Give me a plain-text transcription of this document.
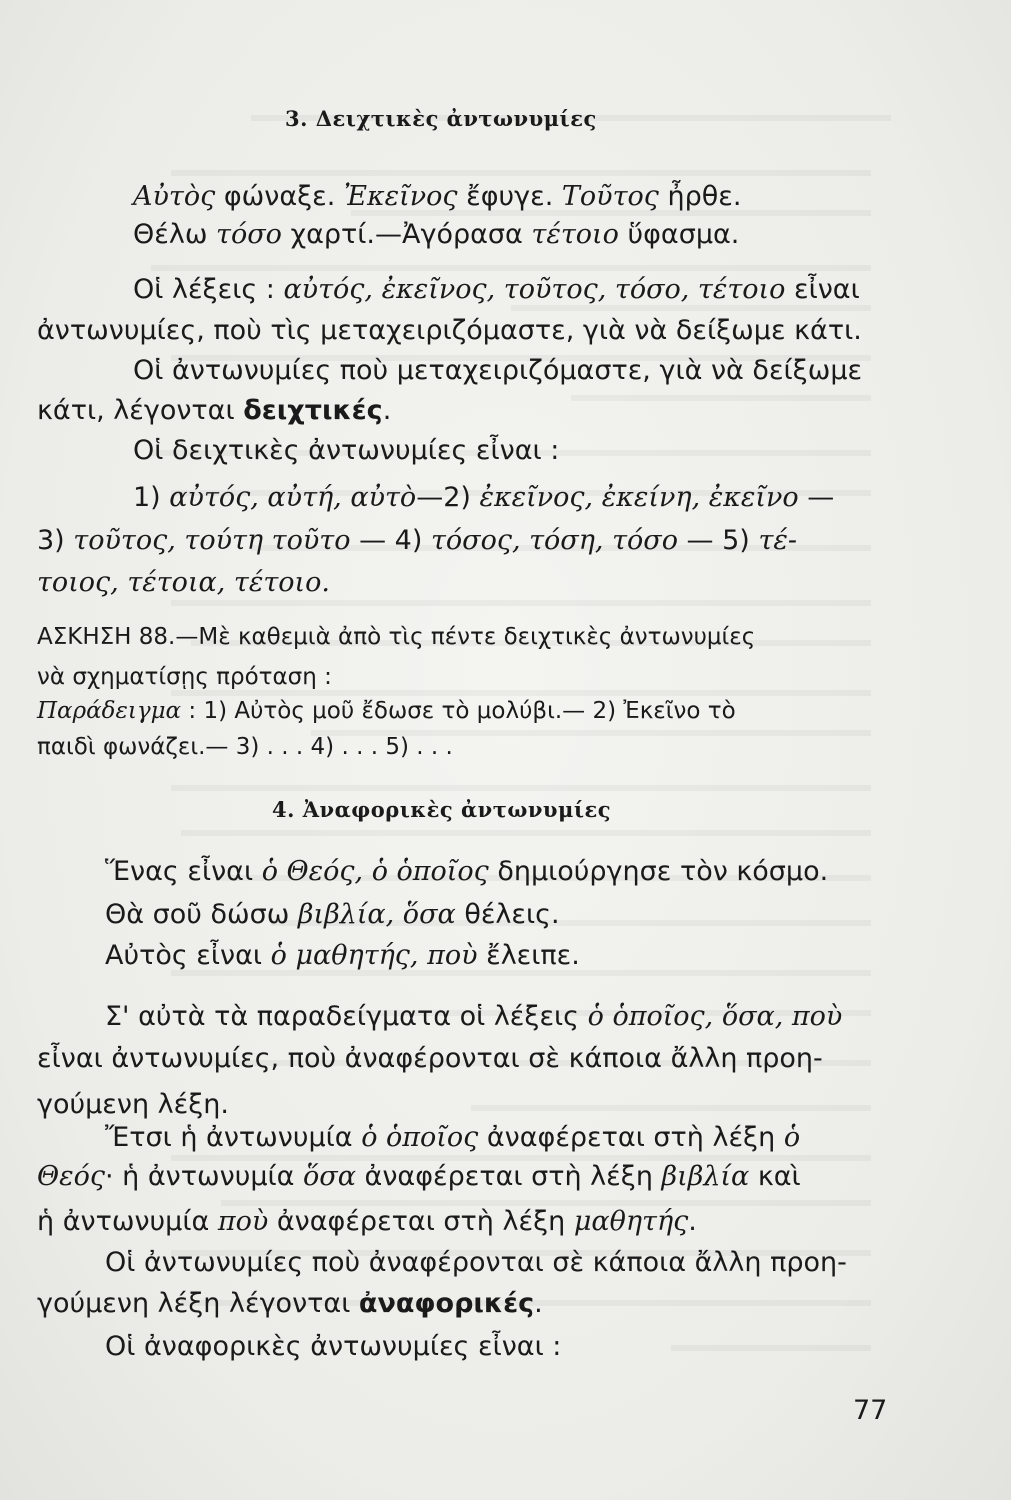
3. Δειχτικὲς ἀντωνυμίες
Αὐτὸς φώναξε. Ἐκεῖνος ἔφυγε. Τοῦτος ἦρθε.
Θέλω τόσο χαρτί.—Ἀγόρασα τέτοιο ὕφασμα.
Οἱ λέξεις : αὐτός, ἐκεῖνος, τοῦτος, τόσο, τέτοιο εἶναι
ἀντωνυμίες, ποὺ τὶς μεταχειριζόμαστε, γιὰ νὰ δείξωμε κάτι.
Οἱ ἀντωνυμίες ποὺ μεταχειριζόμαστε, γιὰ νὰ δείξωμε
κάτι, λέγονται δειχτικές.
Οἱ δειχτικὲς ἀντωνυμίες εἶναι :
1) αὐτός, αὐτή, αὐτὸ—2) ἐκεῖνος, ἐκείνη, ἐκεῖνο —
3) τοῦτος, τούτη τοῦτο — 4) τόσος, τόση, τόσο — 5) τέ-
τοιος, τέτοια, τέτοιο.
ΑΣΚΗΣΗ 88.—Μὲ καθεμιὰ ἀπὸ τὶς πέντε δειχτικὲς ἀντωνυμίες
νὰ σχηματίσῃς πρόταση :
Παράδειγμα : 1) Αὐτὸς μοῦ ἔδωσε τὸ μολύβι.— 2) Ἐκεῖνο τὸ
παιδὶ φωνάζει.— 3) . . . 4) . . . 5) . . .
4. Ἀναφορικὲς ἀντωνυμίες
Ἕνας εἶναι ὁ Θεός, ὁ ὁποῖος δημιούργησε τὸν κόσμο.
Θὰ σοῦ δώσω βιβλία, ὅσα θέλεις.
Αὐτὸς εἶναι ὁ μαθητής, ποὺ ἔλειπε.
Σ' αὐτὰ τὰ παραδείγματα οἱ λέξεις ὁ ὁποῖος, ὅσα, ποὺ
εἶναι ἀντωνυμίες, ποὺ ἀναφέρονται σὲ κάποια ἄλλη προη-
γούμενη λέξη.
Ἔτσι ἡ ἀντωνυμία ὁ ὁποῖος ἀναφέρεται στὴ λέξη ὁ
Θεός· ἡ ἀντωνυμία ὅσα ἀναφέρεται στὴ λέξη βιβλία καὶ
ἡ ἀντωνυμία ποὺ ἀναφέρεται στὴ λέξη μαθητής.
Οἱ ἀντωνυμίες ποὺ ἀναφέρονται σὲ κάποια ἄλλη προη-
γούμενη λέξη λέγονται ἀναφορικές.
Οἱ ἀναφορικὲς ἀντωνυμίες εἶναι :
77
